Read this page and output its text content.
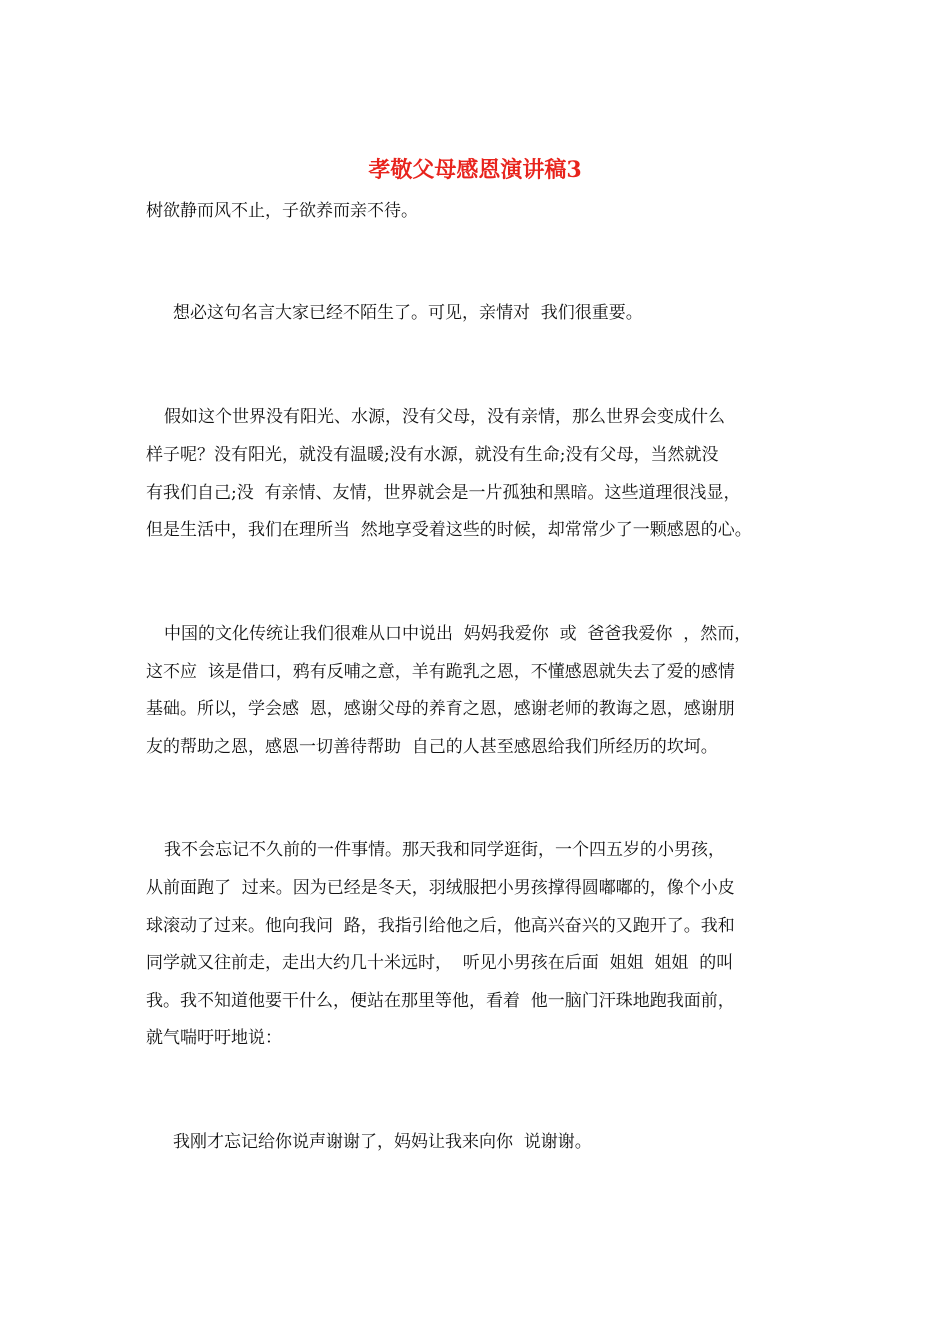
孝敬父母感恩演讲稿3

树欲静而风不止，子欲养而亲不待。

想必这句名言大家已经不陌生了。可见，亲情对  我们很重要。

假如这个世界没有阳光、水源，没有父母，没有亲情，那么世界会变成什么

样子呢？没有阳光，就没有温暖;没有水源，就没有生命;没有父母，当然就没

有我们自己;没  有亲情、友情，世界就会是一片孤独和黑暗。这些道理很浅显，

但是生活中，我们在理所当  然地享受着这些的时候，却常常少了一颗感恩的心。

中国的文化传统让我们很难从口中说出  妈妈我爱你  或  爸爸我爱你  ，然而，

这不应  该是借口，鸦有反哺之意，羊有跪乳之恩，不懂感恩就失去了爱的感情

基础。所以，学会感  恩，感谢父母的养育之恩，感谢老师的教诲之恩，感谢朋

友的帮助之恩，感恩一切善待帮助  自己的人甚至感恩给我们所经历的坎坷。

我不会忘记不久前的一件事情。那天我和同学逛街，一个四五岁的小男孩，

从前面跑了  过来。因为已经是冬天，羽绒服把小男孩撑得圆嘟嘟的，像个小皮

球滚动了过来。他向我问  路，我指引给他之后，他高兴奋兴的又跑开了。我和

同学就又往前走，走出大约几十米远时，  听见小男孩在后面  姐姐  姐姐  的叫

我。我不知道他要干什么，便站在那里等他，看着  他一脑门汗珠地跑我面前，

就气喘吁吁地说：

我刚才忘记给你说声谢谢了，妈妈让我来向你  说谢谢。
